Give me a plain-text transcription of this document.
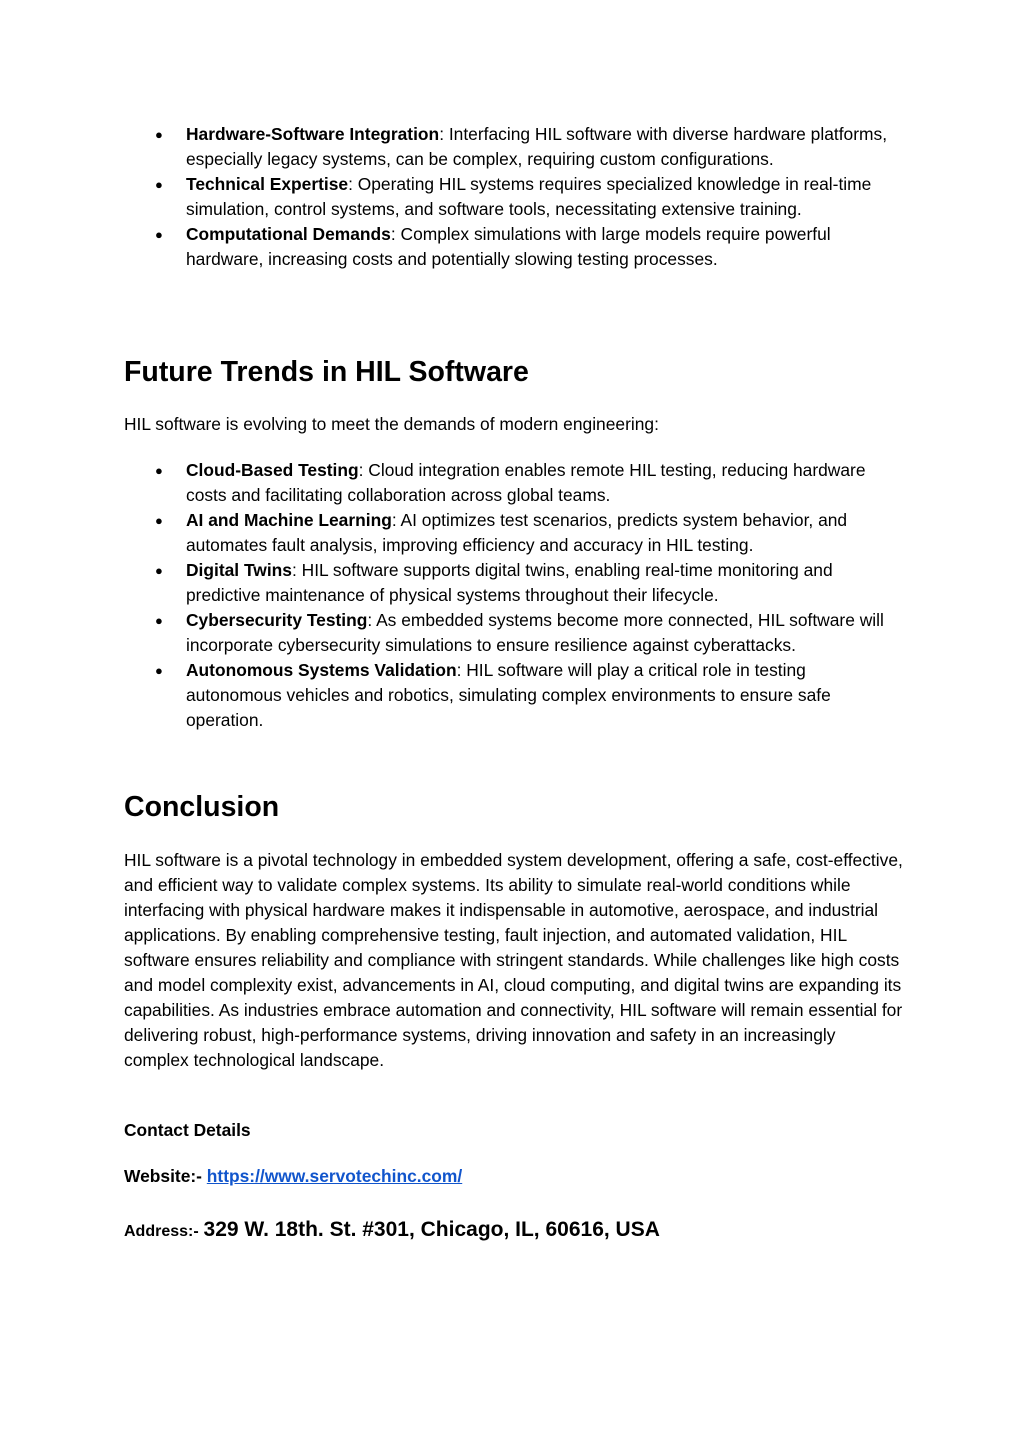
● Hardware-Software Integration: Interfacing HIL software with diverse hardware platforms, especially legacy systems, can be complex, requiring custom configurations.
● Technical Expertise: Operating HIL systems requires specialized knowledge in real-time simulation, control systems, and software tools, necessitating extensive training.
● Computational Demands: Complex simulations with large models require powerful hardware, increasing costs and potentially slowing testing processes.
Future Trends in HIL Software

HIL software is evolving to meet the demands of modern engineering:

● Cloud-Based Testing: Cloud integration enables remote HIL testing, reducing hardware costs and facilitating collaboration across global teams.
● AI and Machine Learning: AI optimizes test scenarios, predicts system behavior, and automates fault analysis, improving efficiency and accuracy in HIL testing.
● Digital Twins: HIL software supports digital twins, enabling real-time monitoring and predictive maintenance of physical systems throughout their lifecycle.
● Cybersecurity Testing: As embedded systems become more connected, HIL software will incorporate cybersecurity simulations to ensure resilience against cyberattacks.
● Autonomous Systems Validation: HIL software will play a critical role in testing autonomous vehicles and robotics, simulating complex environments to ensure safe operation.
Conclusion

HIL software is a pivotal technology in embedded system development, offering a safe, cost-effective, and efficient way to validate complex systems. Its ability to simulate real-world conditions while interfacing with physical hardware makes it indispensable in automotive, aerospace, and industrial applications. By enabling comprehensive testing, fault injection, and automated validation, HIL software ensures reliability and compliance with stringent standards. While challenges like high costs and model complexity exist, advancements in AI, cloud computing, and digital twins are expanding its capabilities. As industries embrace automation and connectivity, HIL software will remain essential for delivering robust, high-performance systems, driving innovation and safety in an increasingly complex technological landscape.

Contact Details

Website:- https://www.servotechinc.com/

Address:- 329 W. 18th. St. #301, Chicago, IL, 60616, USA
